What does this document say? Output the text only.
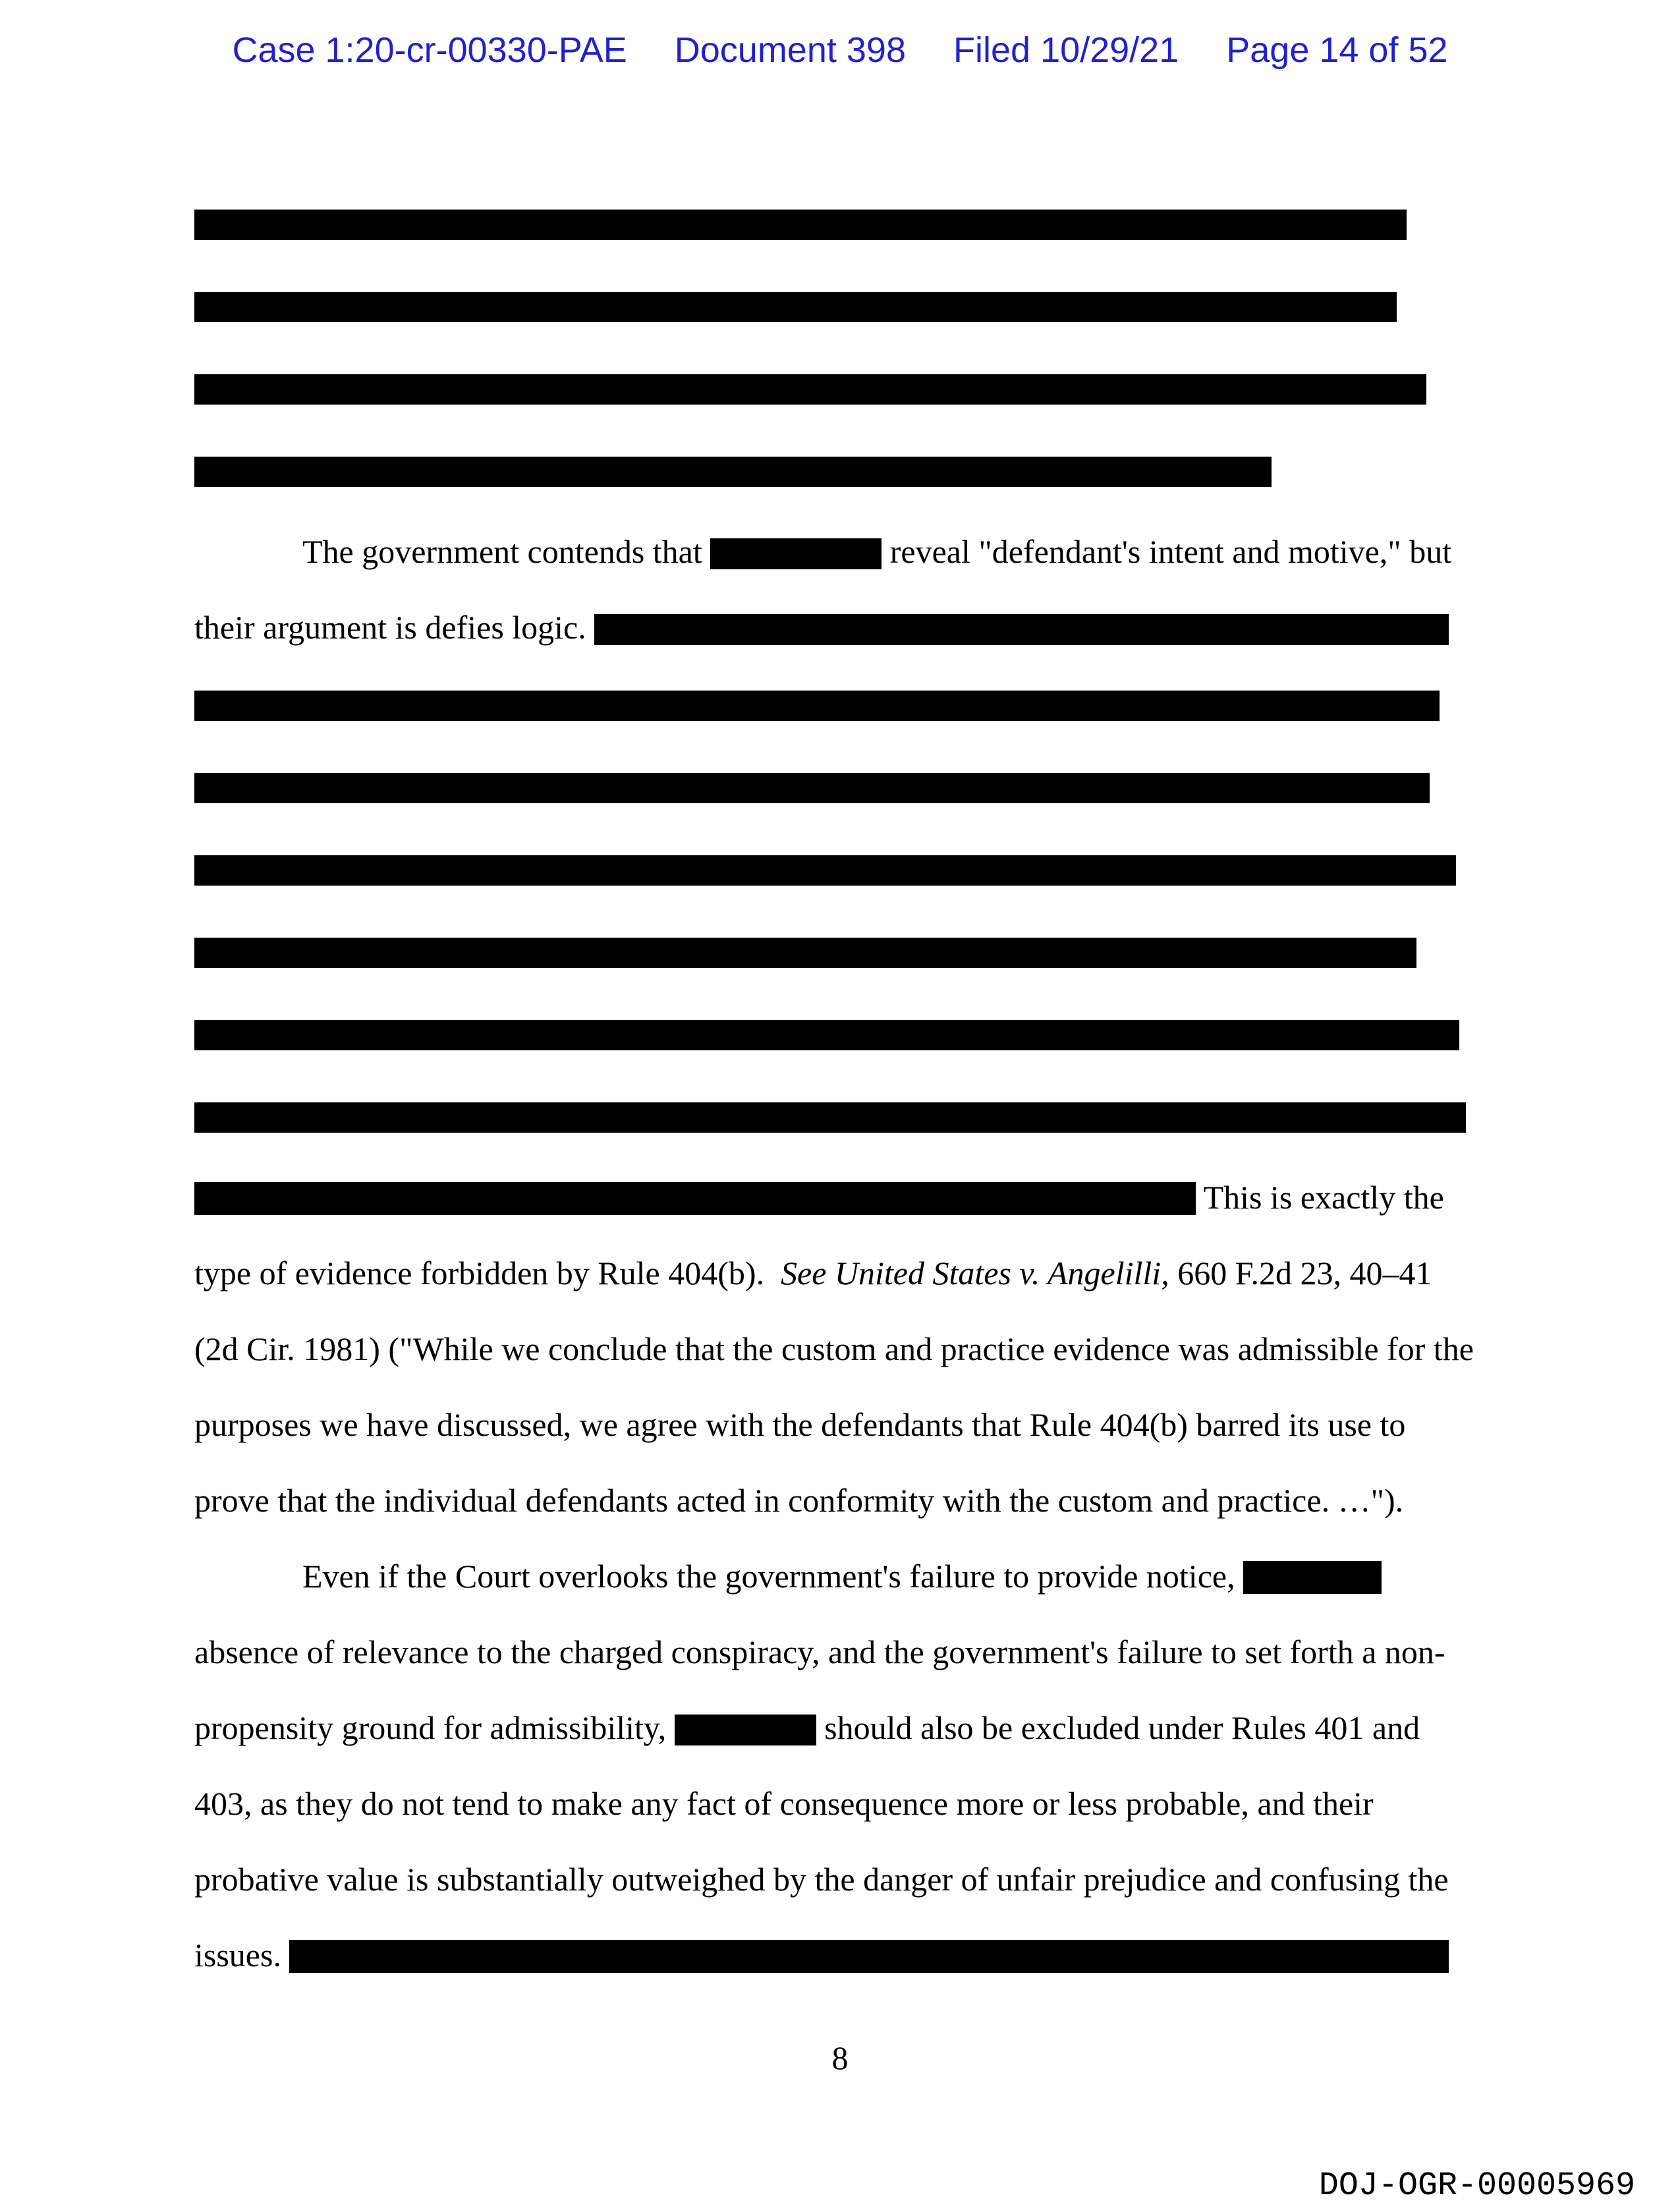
Case 1:20-cr-00330-PAE Document 398 Filed 10/29/21 Page 14 of 52
The government contends that	reveal "defendant's intent and motive," but
their argument is defies logic.
This is exactly the
type of evidence forbidden by Rule 404(b).  See United States v. Angelilli, 660 F.2d 23, 40–41
(2d Cir. 1981) ("While we conclude that the custom and practice evidence was admissible for the
purposes we have discussed, we agree with the defendants that Rule 404(b) barred its use to
prove that the individual defendants acted in conformity with the custom and practice. …").
Even if the Court overlooks the government's failure to provide notice,
absence of relevance to the charged conspiracy, and the government's failure to set forth a non-
propensity ground for admissibility,	should also be excluded under Rules 401 and
403, as they do not tend to make any fact of consequence more or less probable, and their
probative value is substantially outweighed by the danger of unfair prejudice and confusing the
issues.
8
DOJ-OGR-00005969
